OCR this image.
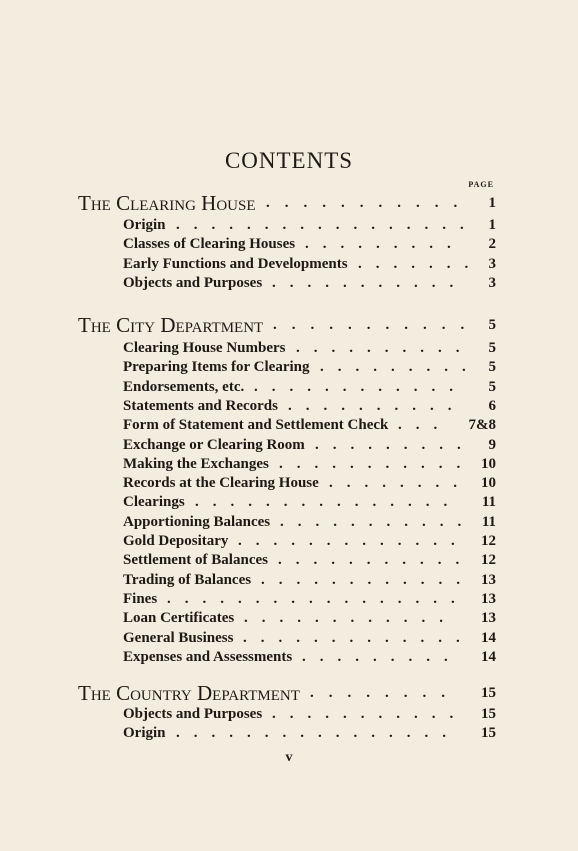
CONTENTS
PAGE
The Clearing House ...........	1
Origin ................. 1
Classes of Clearing Houses .........	2
Early Functions and Developments ....... 3
Objects and Purposes ...........	3
The City Department ........... 5
Clearing House Numbers ..........	5
Preparing Items for Clearing ......... 5
Endorsements, etc. ............	5
Statements and Records ..........	6
Form of Statement and Settlement Check ...	7&8
Exchange or Clearing Room ......... 9
Making the Exchanges ........... 10
Records at the Clearing House ........ 10
Clearings ...............	11
Apportioning Balances ........... 11
Gold Depositary ............. 12
Settlement of Balances ........... 12
Trading of Balances ............ 13
Fines ................. 13
Loan Certificates ............	13
General Business ............. 14
Expenses and Assessments .........	14
The Country Department ........	15
Objects and Purposes ........... 15
Origin ................	15
v
